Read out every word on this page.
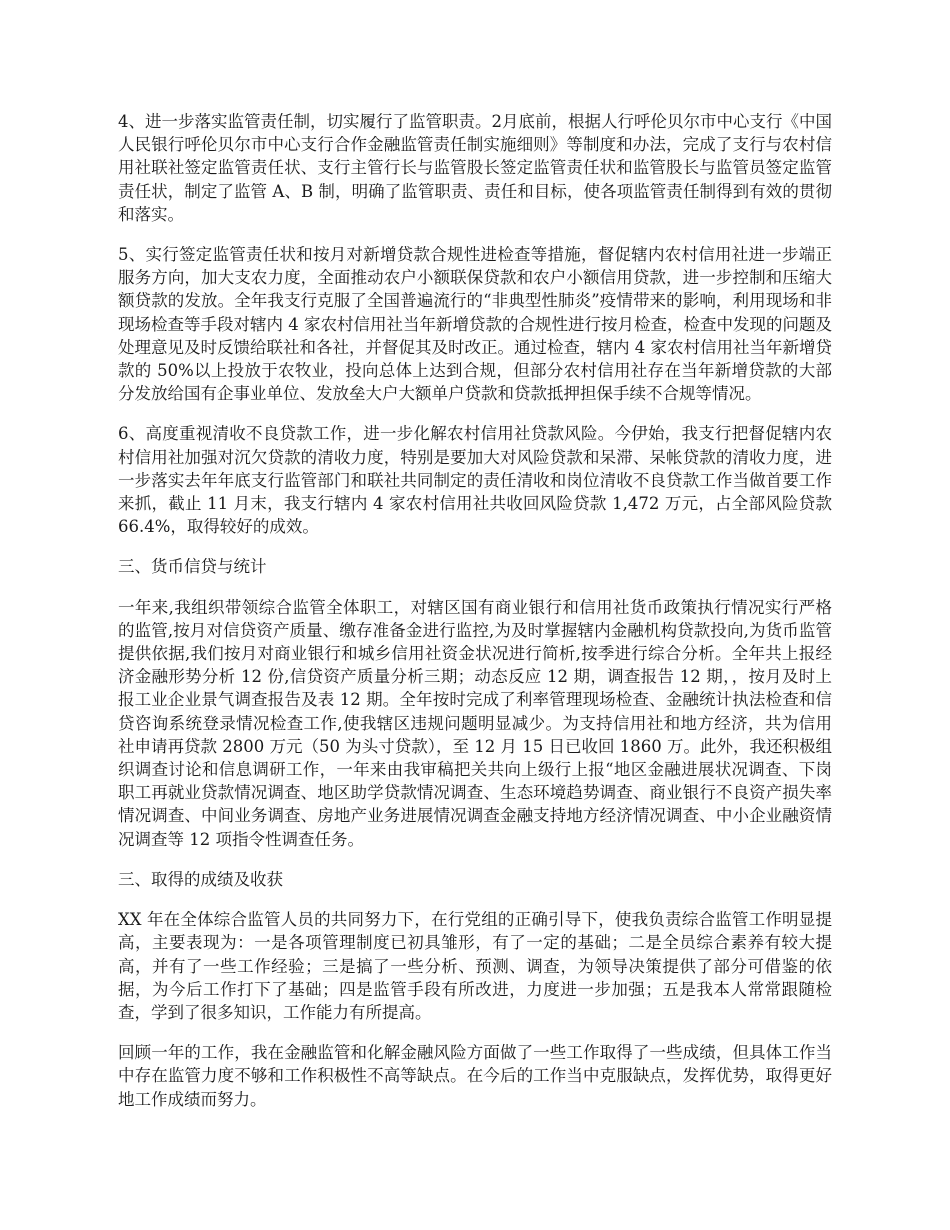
4、进一步落实监管责任制，切实履行了监管职责。2月底前，根据人行呼伦贝尔市中心支行《中国人民银行呼伦贝尔市中心支行合作金融监管责任制实施细则》等制度和办法，完成了支行与农村信用社联社签定监管责任状、支行主管行长与监管股长签定监管责任状和监管股长与监管员签定监管责任状，制定了监管 A、B 制，明确了监管职责、责任和目标，使各项监管责任制得到有效的贯彻和落实。

5、实行签定监管责任状和按月对新增贷款合规性进检查等措施，督促辖内农村信用社进一步端正服务方向，加大支农力度，全面推动农户小额联保贷款和农户小额信用贷款，进一步控制和压缩大额贷款的发放。全年我支行克服了全国普遍流行的“非典型性肺炎”疫情带来的影响，利用现场和非现场检查等手段对辖内 4 家农村信用社当年新增贷款的合规性进行按月检查，检查中发现的问题及处理意见及时反馈给联社和各社，并督促其及时改正。通过检查，辖内 4 家农村信用社当年新增贷款的 50%以上投放于农牧业，投向总体上达到合规，但部分农村信用社存在当年新增贷款的大部分发放给国有企事业单位、发放垒大户大额单户贷款和贷款抵押担保手续不合规等情况。

6、高度重视清收不良贷款工作，进一步化解农村信用社贷款风险。今伊始，我支行把督促辖内农村信用社加强对沉欠贷款的清收力度，特别是要加大对风险贷款和呆滞、呆帐贷款的清收力度，进一步落实去年年底支行监管部门和联社共同制定的责任清收和岗位清收不良贷款工作当做首要工作来抓，截止 11 月末，我支行辖内 4 家农村信用社共收回风险贷款 1,472 万元，占全部风险贷款 66.4%，取得较好的成效。

三、货币信贷与统计

一年来,我组织带领综合监管全体职工，对辖区国有商业银行和信用社货币政策执行情况实行严格的监管,按月对信贷资产质量、缴存准备金进行监控,为及时掌握辖内金融机构贷款投向,为货币监管提供依据,我们按月对商业银行和城乡信用社资金状况进行简析,按季进行综合分析。全年共上报经济金融形势分析 12 份,信贷资产质量分析三期；动态反应 12 期，调查报告 12 期，，按月及时上报工业企业景气调查报告及表 12 期。全年按时完成了利率管理现场检查、金融统计执法检查和信贷咨询系统登录情况检查工作,使我辖区违规问题明显减少。为支持信用社和地方经济，共为信用社申请再贷款 2800 万元（50 为头寸贷款），至 12 月 15 日已收回 1860 万。此外，我还积极组织调查讨论和信息调研工作，一年来由我审稿把关共向上级行上报“地区金融进展状况调查、下岗职工再就业贷款情况调查、地区助学贷款情况调查、生态环境趋势调查、商业银行不良资产损失率情况调查、中间业务调查、房地产业务进展情况调查金融支持地方经济情况调查、中小企业融资情况调查等 12 项指令性调查任务。

三、取得的成绩及收获

XX 年在全体综合监管人员的共同努力下，在行党组的正确引导下，使我负责综合监管工作明显提高，主要表现为：一是各项管理制度已初具雏形，有了一定的基础；二是全员综合素养有较大提高，并有了一些工作经验；三是搞了一些分析、预测、调查，为领导决策提供了部分可借鉴的依据，为今后工作打下了基础；四是监管手段有所改进，力度进一步加强；五是我本人常常跟随检查，学到了很多知识，工作能力有所提高。

回顾一年的工作，我在金融监管和化解金融风险方面做了一些工作取得了一些成绩，但具体工作当中存在监管力度不够和工作积极性不高等缺点。在今后的工作当中克服缺点，发挥优势，取得更好地工作成绩而努力。
